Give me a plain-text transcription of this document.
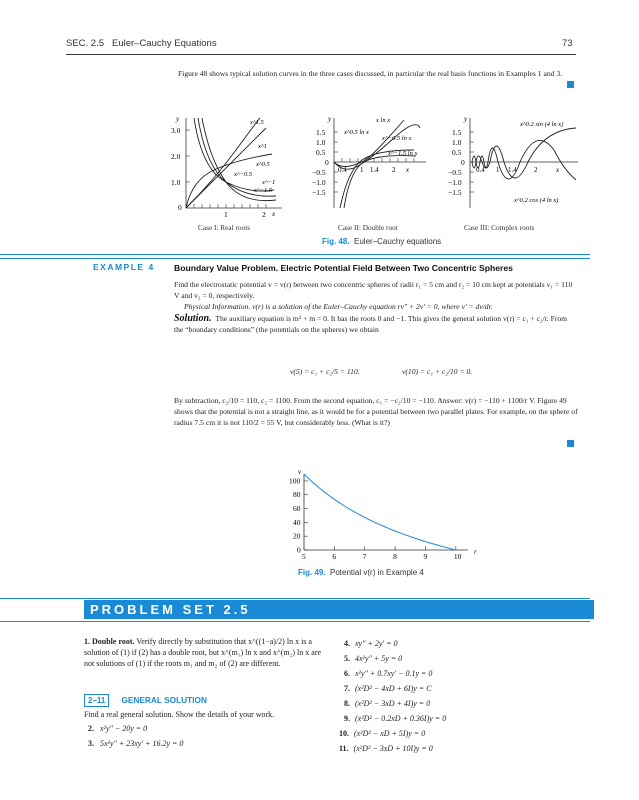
SEC. 2.5 Euler–Cauchy Equations	73
Figure 48 shows typical solution curves in the three cases discussed, in particular the real basis functions in Examples 1 and 3.
3.0
2.0
1.0
0
y
1	2 x
x^1.5
x^1
x^0.5
x^−0.5
x^−1
x^−1.5
y
1.5
1.0
0.5
0
−0.5
−1.0
−1.5
0.4 1 1.4 2 x
x ln x
x^0.5 ln x
x^−0.5 ln x
x^−1.5 ln x
y
1.5
1.0
0.5
0
−0.5
−1.0
−1.5
0.4 1 1.4 2	x
x^0.2 sin (4 ln x)
x^0.2 cos (4 ln x)
Case I: Real roots	Case II: Double root	Case III: Complex roots
Fig. 48. Euler–Cauchy equations
EXAMPLE 4 Boundary Value Problem. Electric Potential Field Between Two Concentric Spheres
Find the electrostatic potential v = v(r) between two concentric spheres of radii r₁ = 5 cm and r₂ = 10 cm kept at potentials v₁ = 110 V and v₂ = 0, respectively.
Physical Information. v(r) is a solution of the Euler–Cauchy equation rv″ + 2v′ = 0, where v′ = dv/dr.
Solution. The auxiliary equation is m² + m = 0. It has the roots 0 and −1. This gives the general solution v(r) = c₁ + c₂/r. From the “boundary conditions” (the potentials on the spheres) we obtain
v(5) = c₁ + c₂/5 = 110.	v(10) = c₁ + c₂/10 = 0.
By subtraction, c₂/10 = 110, c₂ = 1100. From the second equation, c₁ = −c₂/10 = −110. Answer: v(r) = −110 + 1100/r V. Figure 49 shows that the potential is not a straight line, as it would be for a potential between two parallel plates. For example, on the sphere of radius 7.5 cm it is not 110/2 = 55 V, but considerably less. (What is it?)
v
r
5	6	7	8	9	10
100
80
60
40
20
0
Fig. 49. Potential v(r) in Example 4
PROBLEM SET 2.5
1. Double root. Verify directly by substitution that x^((1−a)/2) ln x is a solution of (1) if (2) has a double root, but x^(m₁) ln x and x^(m₂) ln x are not solutions of (1) if the roots m₁ and m₂ of (2) are different.
2–11 GENERAL SOLUTION
Find a real general solution. Show the details of your work.
2. x²y″ − 20y = 0
3. 5x²y″ + 23xy′ + 16.2y = 0
4. xy″ + 2y′ = 0
5. 4x²y″ + 5y = 0
6. x²y″ + 0.7xy′ − 0.1y = 0
7. (x²D² − 4xD + 6I)y = C
8. (x²D² − 3xD + 4I)y = 0
9. (x²D² − 0.2xD + 0.36I)y = 0
10. (x²D² − xD + 5I)y = 0
11. (x²D² − 3xD + 10I)y = 0
